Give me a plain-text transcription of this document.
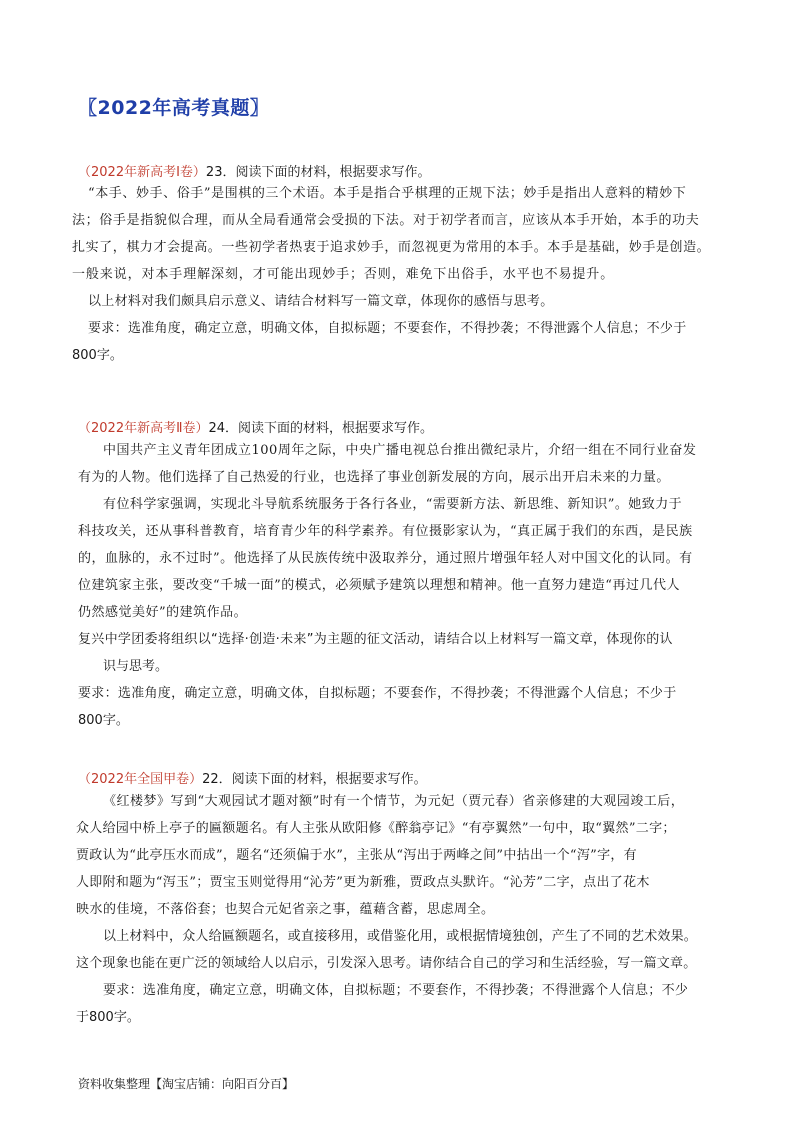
〖2022年高考真题〗
（2022年新高考Ⅰ卷）23．阅读下面的材料，根据要求写作。
“本手、妙手、俗手”是围棋的三个术语。本手是指合乎棋理的正规下法；妙手是指出人意料的精妙下
法；俗手是指貌似合理，而从全局看通常会受损的下法。对于初学者而言，应该从本手开始，本手的功夫
扎实了，棋力才会提高。一些初学者热衷于追求妙手，而忽视更为常用的本手。本手是基础，妙手是创造。
一般来说，对本手理解深刻，才可能出现妙手；否则，难免下出俗手，水平也不易提升。
以上材料对我们颇具启示意义、请结合材料写一篇文章，体现你的感悟与思考。
要求：选准角度，确定立意，明确文体，自拟标题；不要套作，不得抄袭；不得泄露个人信息；不少于
800字。
（2022年新高考Ⅱ卷）24．阅读下面的材料，根据要求写作。
中国共产主义青年团成立100周年之际，中央广播电视总台推出微纪录片，介绍一组在不同行业奋发
有为的人物。他们选择了自己热爱的行业，也选择了事业创新发展的方向，展示出开启未来的力量。
有位科学家强调，实现北斗导航系统服务于各行各业，“需要新方法、新思维、新知识”。她致力于
科技攻关，还从事科普教育，培育青少年的科学素养。有位摄影家认为，“真正属于我们的东西，是民族
的，血脉的，永不过时”。他选择了从民族传统中汲取养分，通过照片增强年轻人对中国文化的认同。有
位建筑家主张，要改变“千城一面”的模式，必须赋予建筑以理想和精神。他一直努力建造“再过几代人
仍然感觉美好”的建筑作品。
复兴中学团委将组织以“选择·创造·未来”为主题的征文活动，请结合以上材料写一篇文章，体现你的认
识与思考。
要求：选准角度，确定立意，明确文体，自拟标题；不要套作，不得抄袭；不得泄露个人信息；不少于
800字。
（2022年全国甲卷）22．阅读下面的材料，根据要求写作。
《红楼梦》写到“大观园试才题对额”时有一个情节，为元妃（贾元春）省亲修建的大观园竣工后，
众人给园中桥上亭子的匾额题名。有人主张从欧阳修《醉翁亭记》“有亭翼然”一句中，取“翼然”二字；
贾政认为“此亭压水而成”，题名“还须偏于水”，主张从“泻出于两峰之间”中拈出一个“泻”字，有
人即附和题为“泻玉”；贾宝玉则觉得用“沁芳”更为新雅，贾政点头默许。“沁芳”二字，点出了花木
映水的佳境，不落俗套；也契合元妃省亲之事，蕴藉含蓄，思虑周全。
以上材料中，众人给匾额题名，或直接移用，或借鉴化用，或根据情境独创，产生了不同的艺术效果。
这个现象也能在更广泛的领域给人以启示，引发深入思考。请你结合自己的学习和生活经验，写一篇文章。
要求：选准角度，确定立意，明确文体，自拟标题；不要套作，不得抄袭；不得泄露个人信息；不少
于800字。
资料收集整理【淘宝店铺：向阳百分百】
